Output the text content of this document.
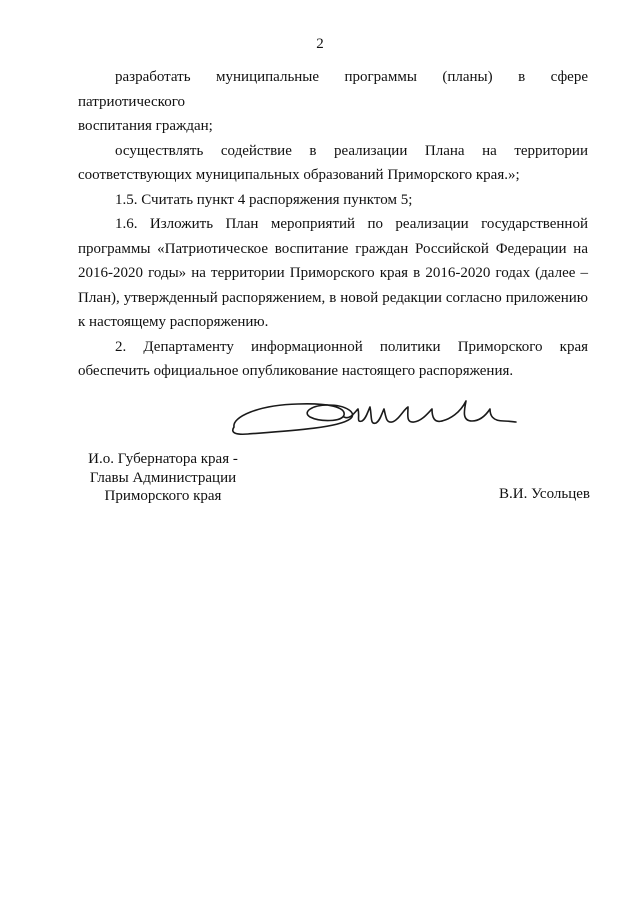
2

разработать муниципальные программы (планы) в сфере патриотического
воспитания граждан;

осуществлять содействие в реализации Плана на территории
соответствующих муниципальных образований Приморского края.»;

1.5. Считать пункт 4 распоряжения пунктом 5;

1.6. Изложить План мероприятий по реализации государственной
программы «Патриотическое воспитание граждан Российской Федерации на
2016-2020 годы» на территории Приморского края в 2016-2020 годах (далее –
План), утвержденный распоряжением, в новой редакции согласно приложению
к настоящему распоряжению.

2. Департаменту информационной политики Приморского края
обеспечить официальное опубликование настоящего распоряжения.

И.о. Губернатора края -
Главы Администрации
Приморского края	В.И. Усольцев
